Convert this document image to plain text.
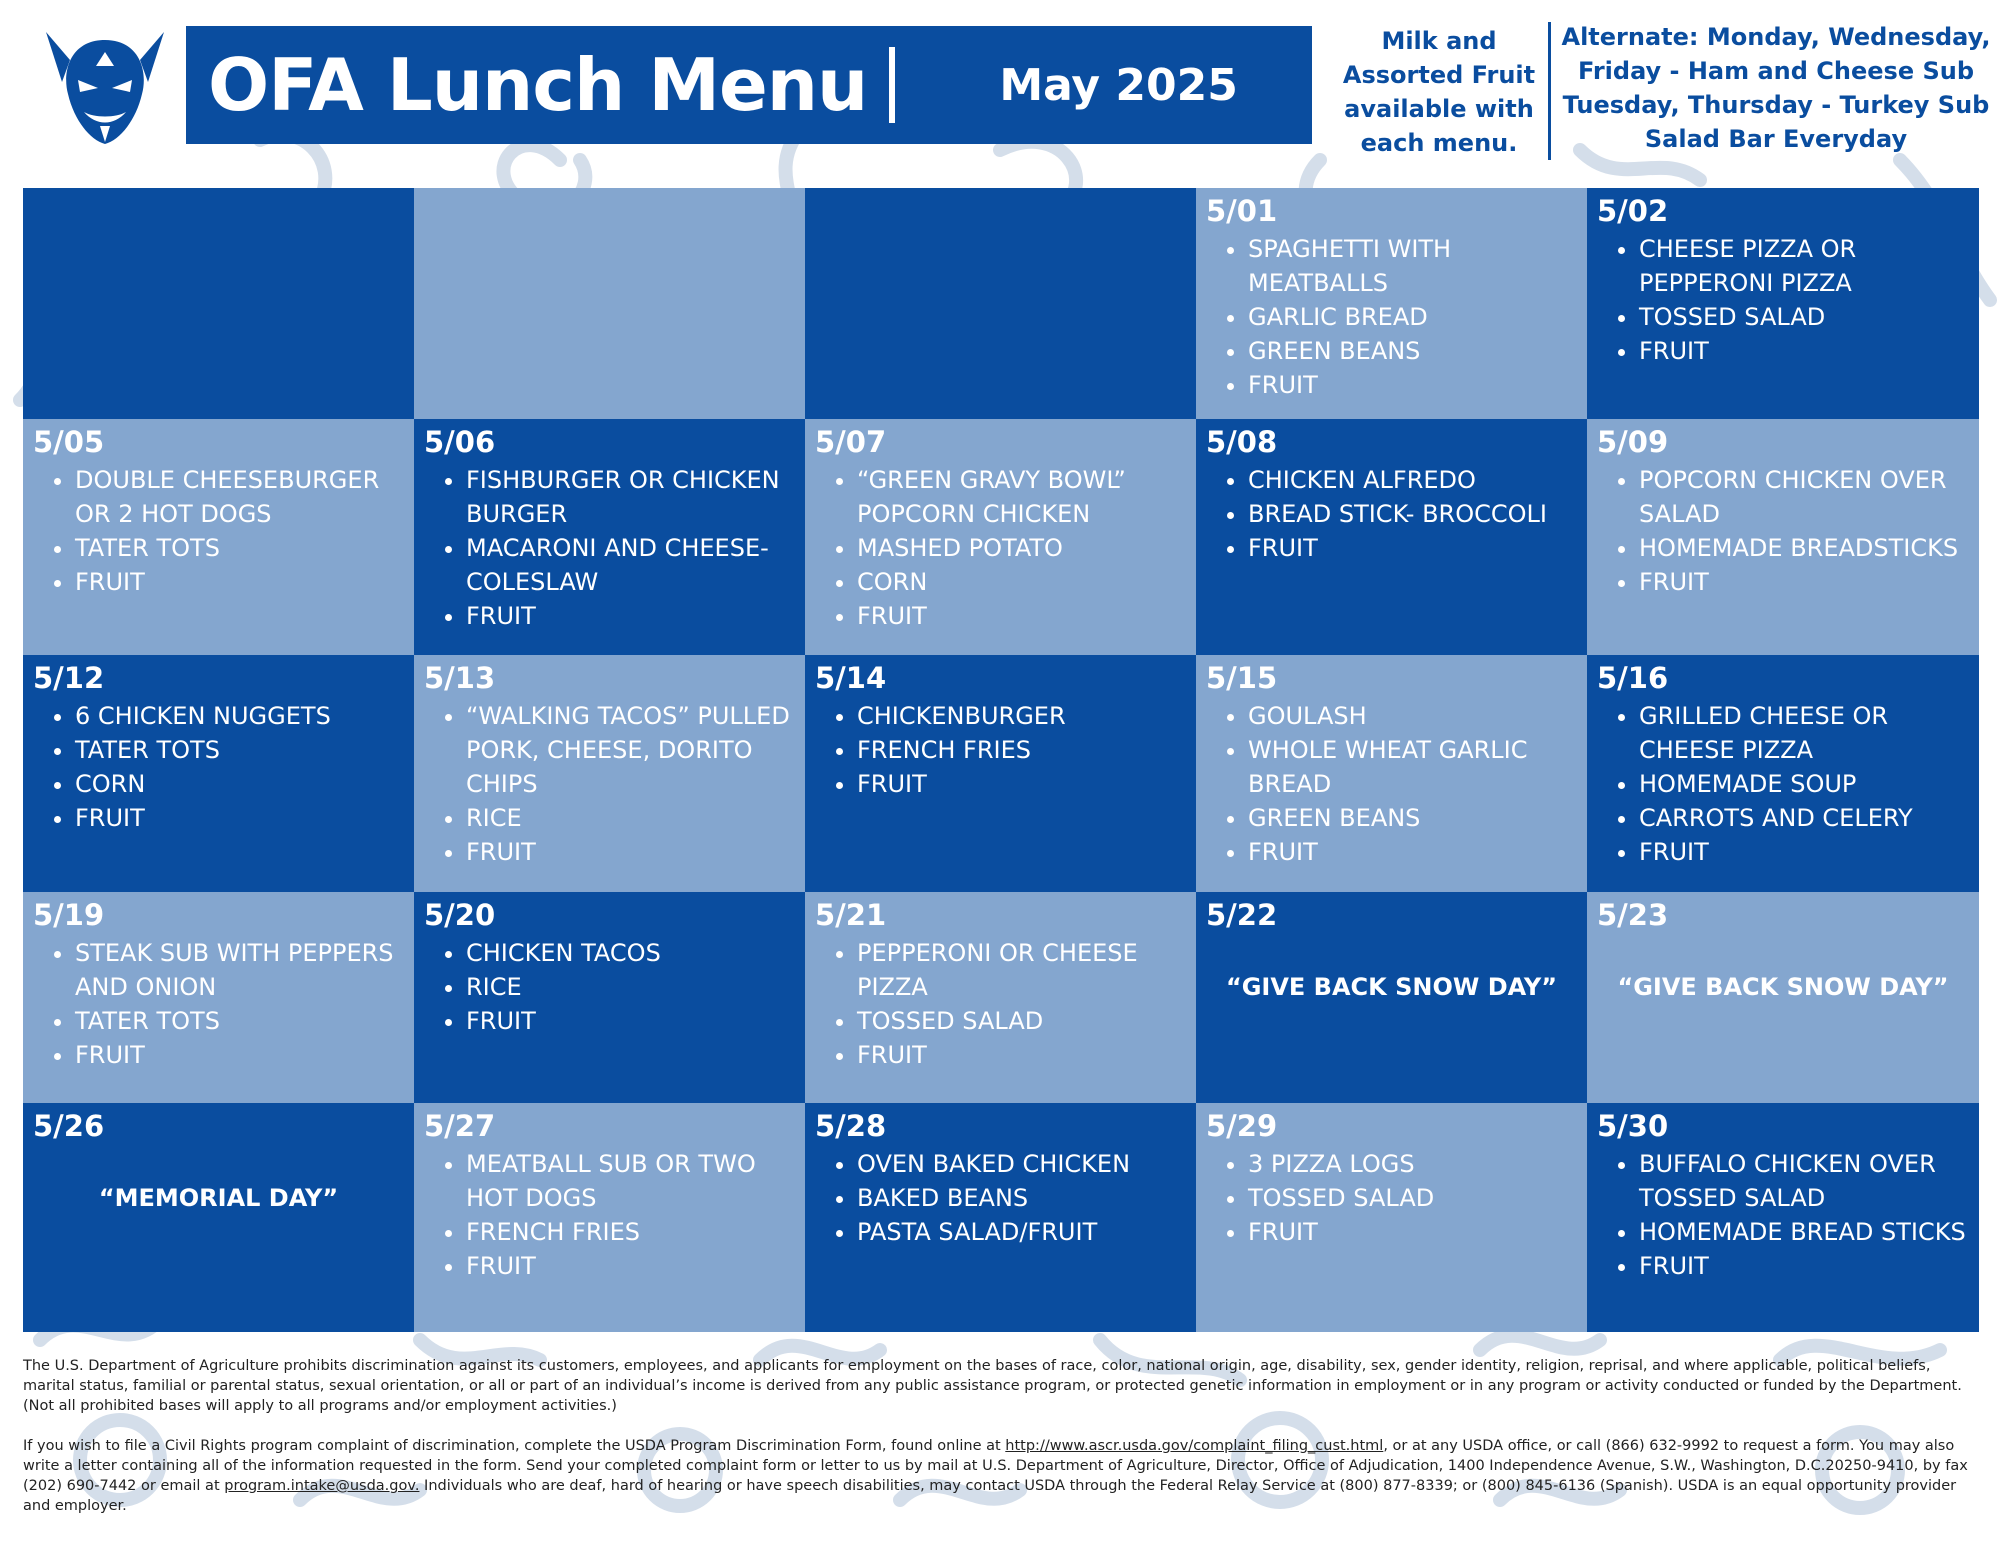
OFA Lunch Menu	May 2025
Milk and
Assorted Fruit
available with
each menu.
Alternate: Monday, Wednesday,
Friday - Ham and Cheese Sub
Tuesday, Thursday - Turkey Sub
Salad Bar Everyday
5/01
• SPAGHETTI WITH MEATBALLS
• GARLIC BREAD
• GREEN BEANS
• FRUIT
5/02
• CHEESE PIZZA OR PEPPERONI PIZZA
• TOSSED SALAD
• FRUIT
5/05
• DOUBLE CHEESEBURGER OR 2 HOT DOGS
• TATER TOTS
• FRUIT
5/06
• FISHBURGER OR CHICKEN BURGER
• MACARONI AND CHEESE- COLESLAW
• FRUIT
5/07
• “GREEN GRAVY BOWL” POPCORN CHICKEN
• MASHED POTATO
• CORN
• FRUIT
5/08
• CHICKEN ALFREDO
• BREAD STICK- BROCCOLI
• FRUIT
5/09
• POPCORN CHICKEN OVER SALAD
• HOMEMADE BREADSTICKS
• FRUIT
5/12
• 6 CHICKEN NUGGETS
• TATER TOTS
• CORN
• FRUIT
5/13
• “WALKING TACOS” PULLED PORK, CHEESE, DORITO CHIPS
• RICE
• FRUIT
5/14
• CHICKENBURGER
• FRENCH FRIES
• FRUIT
5/15
• GOULASH
• WHOLE WHEAT GARLIC BREAD
• GREEN BEANS
• FRUIT
5/16
• GRILLED CHEESE OR CHEESE PIZZA
• HOMEMADE SOUP
• CARROTS AND CELERY
• FRUIT
5/19
• STEAK SUB WITH PEPPERS AND ONION
• TATER TOTS
• FRUIT
5/20
• CHICKEN TACOS
• RICE
• FRUIT
5/21
• PEPPERONI OR CHEESE PIZZA
• TOSSED SALAD
• FRUIT
5/22
“GIVE BACK SNOW DAY”
5/23
“GIVE BACK SNOW DAY”
5/26
“MEMORIAL DAY”
5/27
• MEATBALL SUB OR TWO HOT DOGS
• FRENCH FRIES
• FRUIT
5/28
• OVEN BAKED CHICKEN
• BAKED BEANS
• PASTA SALAD/FRUIT
5/29
• 3 PIZZA LOGS
• TOSSED SALAD
• FRUIT
5/30
• BUFFALO CHICKEN OVER TOSSED SALAD
• HOMEMADE BREAD STICKS
• FRUIT

The U.S. Department of Agriculture prohibits discrimination against its customers, employees, and applicants for employment on the bases of race, color, national origin, age, disability, sex, gender identity, religion, reprisal, and where applicable, political beliefs, marital status, familial or parental status, sexual orientation, or all or part of an individual’s income is derived from any public assistance program, or protected genetic information in employment or in any program or activity conducted or funded by the Department. (Not all prohibited bases will apply to all programs and/or employment activities.)

If you wish to file a Civil Rights program complaint of discrimination, complete the USDA Program Discrimination Form, found online at http://www.ascr.usda.gov/complaint_filing_cust.html, or at any USDA office, or call (866) 632-9992 to request a form. You may also write a letter containing all of the information requested in the form. Send your completed complaint form or letter to us by mail at U.S. Department of Agriculture, Director, Office of Adjudication, 1400 Independence Avenue, S.W., Washington, D.C.20250-9410, by fax (202) 690-7442 or email at program.intake@usda.gov. Individuals who are deaf, hard of hearing or have speech disabilities, may contact USDA through the Federal Relay Service at (800) 877-8339; or (800) 845-6136 (Spanish). USDA is an equal opportunity provider and employer.
